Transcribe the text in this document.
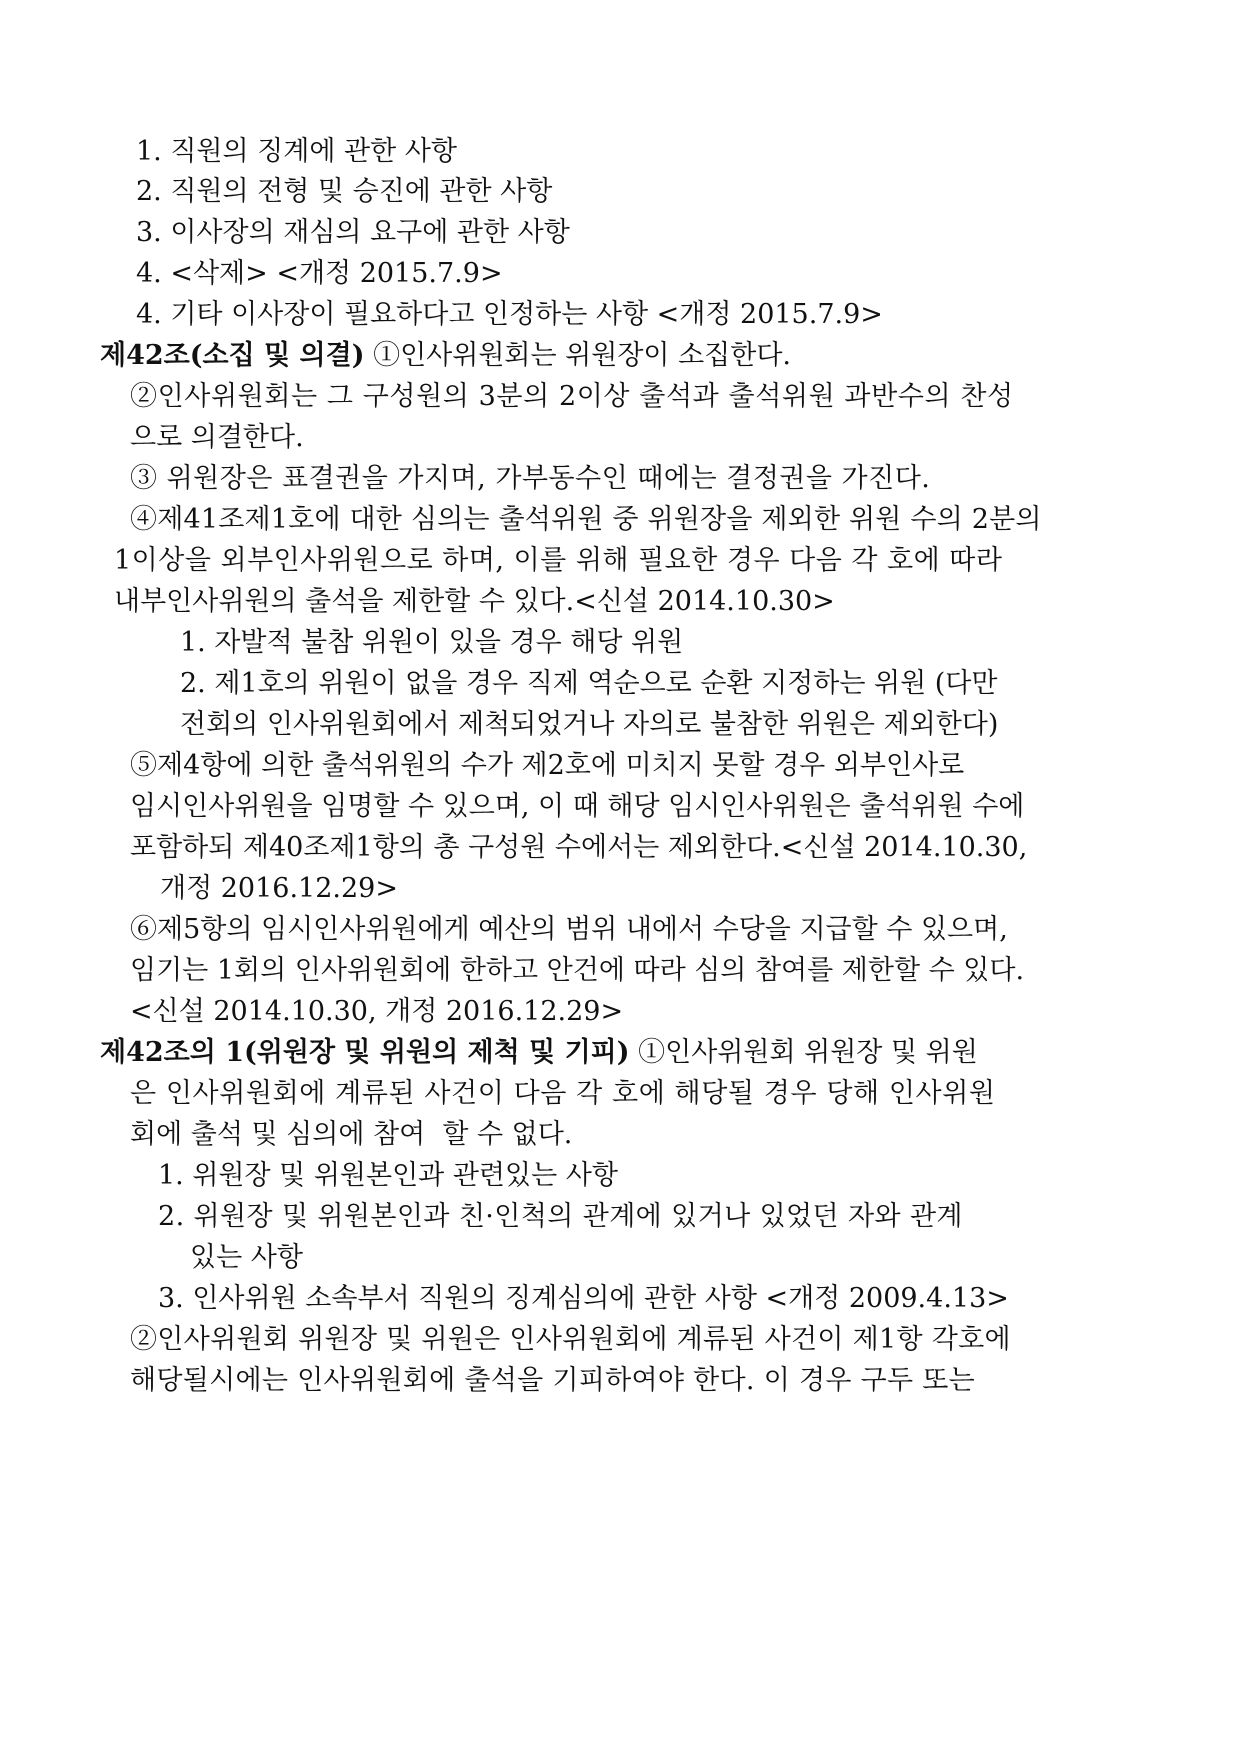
1. 직원의 징계에 관한 사항
2. 직원의 전형 및 승진에 관한 사항
3. 이사장의 재심의 요구에 관한 사항
4. <삭제> <개정 2015.7.9>
4. 기타 이사장이 필요하다고 인정하는 사항 <개정 2015.7.9>
제42조(소집 및 의결) ①인사위원회는 위원장이 소집한다.
②인사위원회는 그 구성원의 3분의 2이상 출석과 출석위원 과반수의 찬성
으로 의결한다.
③ 위원장은 표결권을 가지며, 가부동수인 때에는 결정권을 가진다.
④제41조제1호에 대한 심의는 출석위원 중 위원장을 제외한 위원 수의 2분의
1이상을 외부인사위원으로 하며, 이를 위해 필요한 경우 다음 각 호에 따라
내부인사위원의 출석을 제한할 수 있다.<신설 2014.10.30>
1. 자발적 불참 위원이 있을 경우 해당 위원
2. 제1호의 위원이 없을 경우 직제 역순으로 순환 지정하는 위원 (다만
전회의 인사위원회에서 제척되었거나 자의로 불참한 위원은 제외한다)
⑤제4항에 의한 출석위원의 수가 제2호에 미치지 못할 경우 외부인사로
임시인사위원을 임명할 수 있으며, 이 때 해당 임시인사위원은 출석위원 수에
포함하되 제40조제1항의 총 구성원 수에서는 제외한다.<신설 2014.10.30,
개정 2016.12.29>
⑥제5항의 임시인사위원에게 예산의 범위 내에서 수당을 지급할 수 있으며,
임기는 1회의 인사위원회에 한하고 안건에 따라 심의 참여를 제한할 수 있다.
<신설 2014.10.30, 개정 2016.12.29>
제42조의 1(위원장 및 위원의 제척 및 기피) ①인사위원회 위원장 및 위원
은 인사위원회에 계류된 사건이 다음 각 호에 해당될 경우 당해 인사위원
회에 출석 및 심의에 참여  할 수 없다.
1. 위원장 및 위원본인과 관련있는 사항
2. 위원장 및 위원본인과 친·인척의 관계에 있거나 있었던 자와 관계
있는 사항
3. 인사위원 소속부서 직원의 징계심의에 관한 사항 <개정 2009.4.13>
②인사위원회 위원장 및 위원은 인사위원회에 계류된 사건이 제1항 각호에
해당될시에는 인사위원회에 출석을 기피하여야 한다. 이 경우 구두 또는
